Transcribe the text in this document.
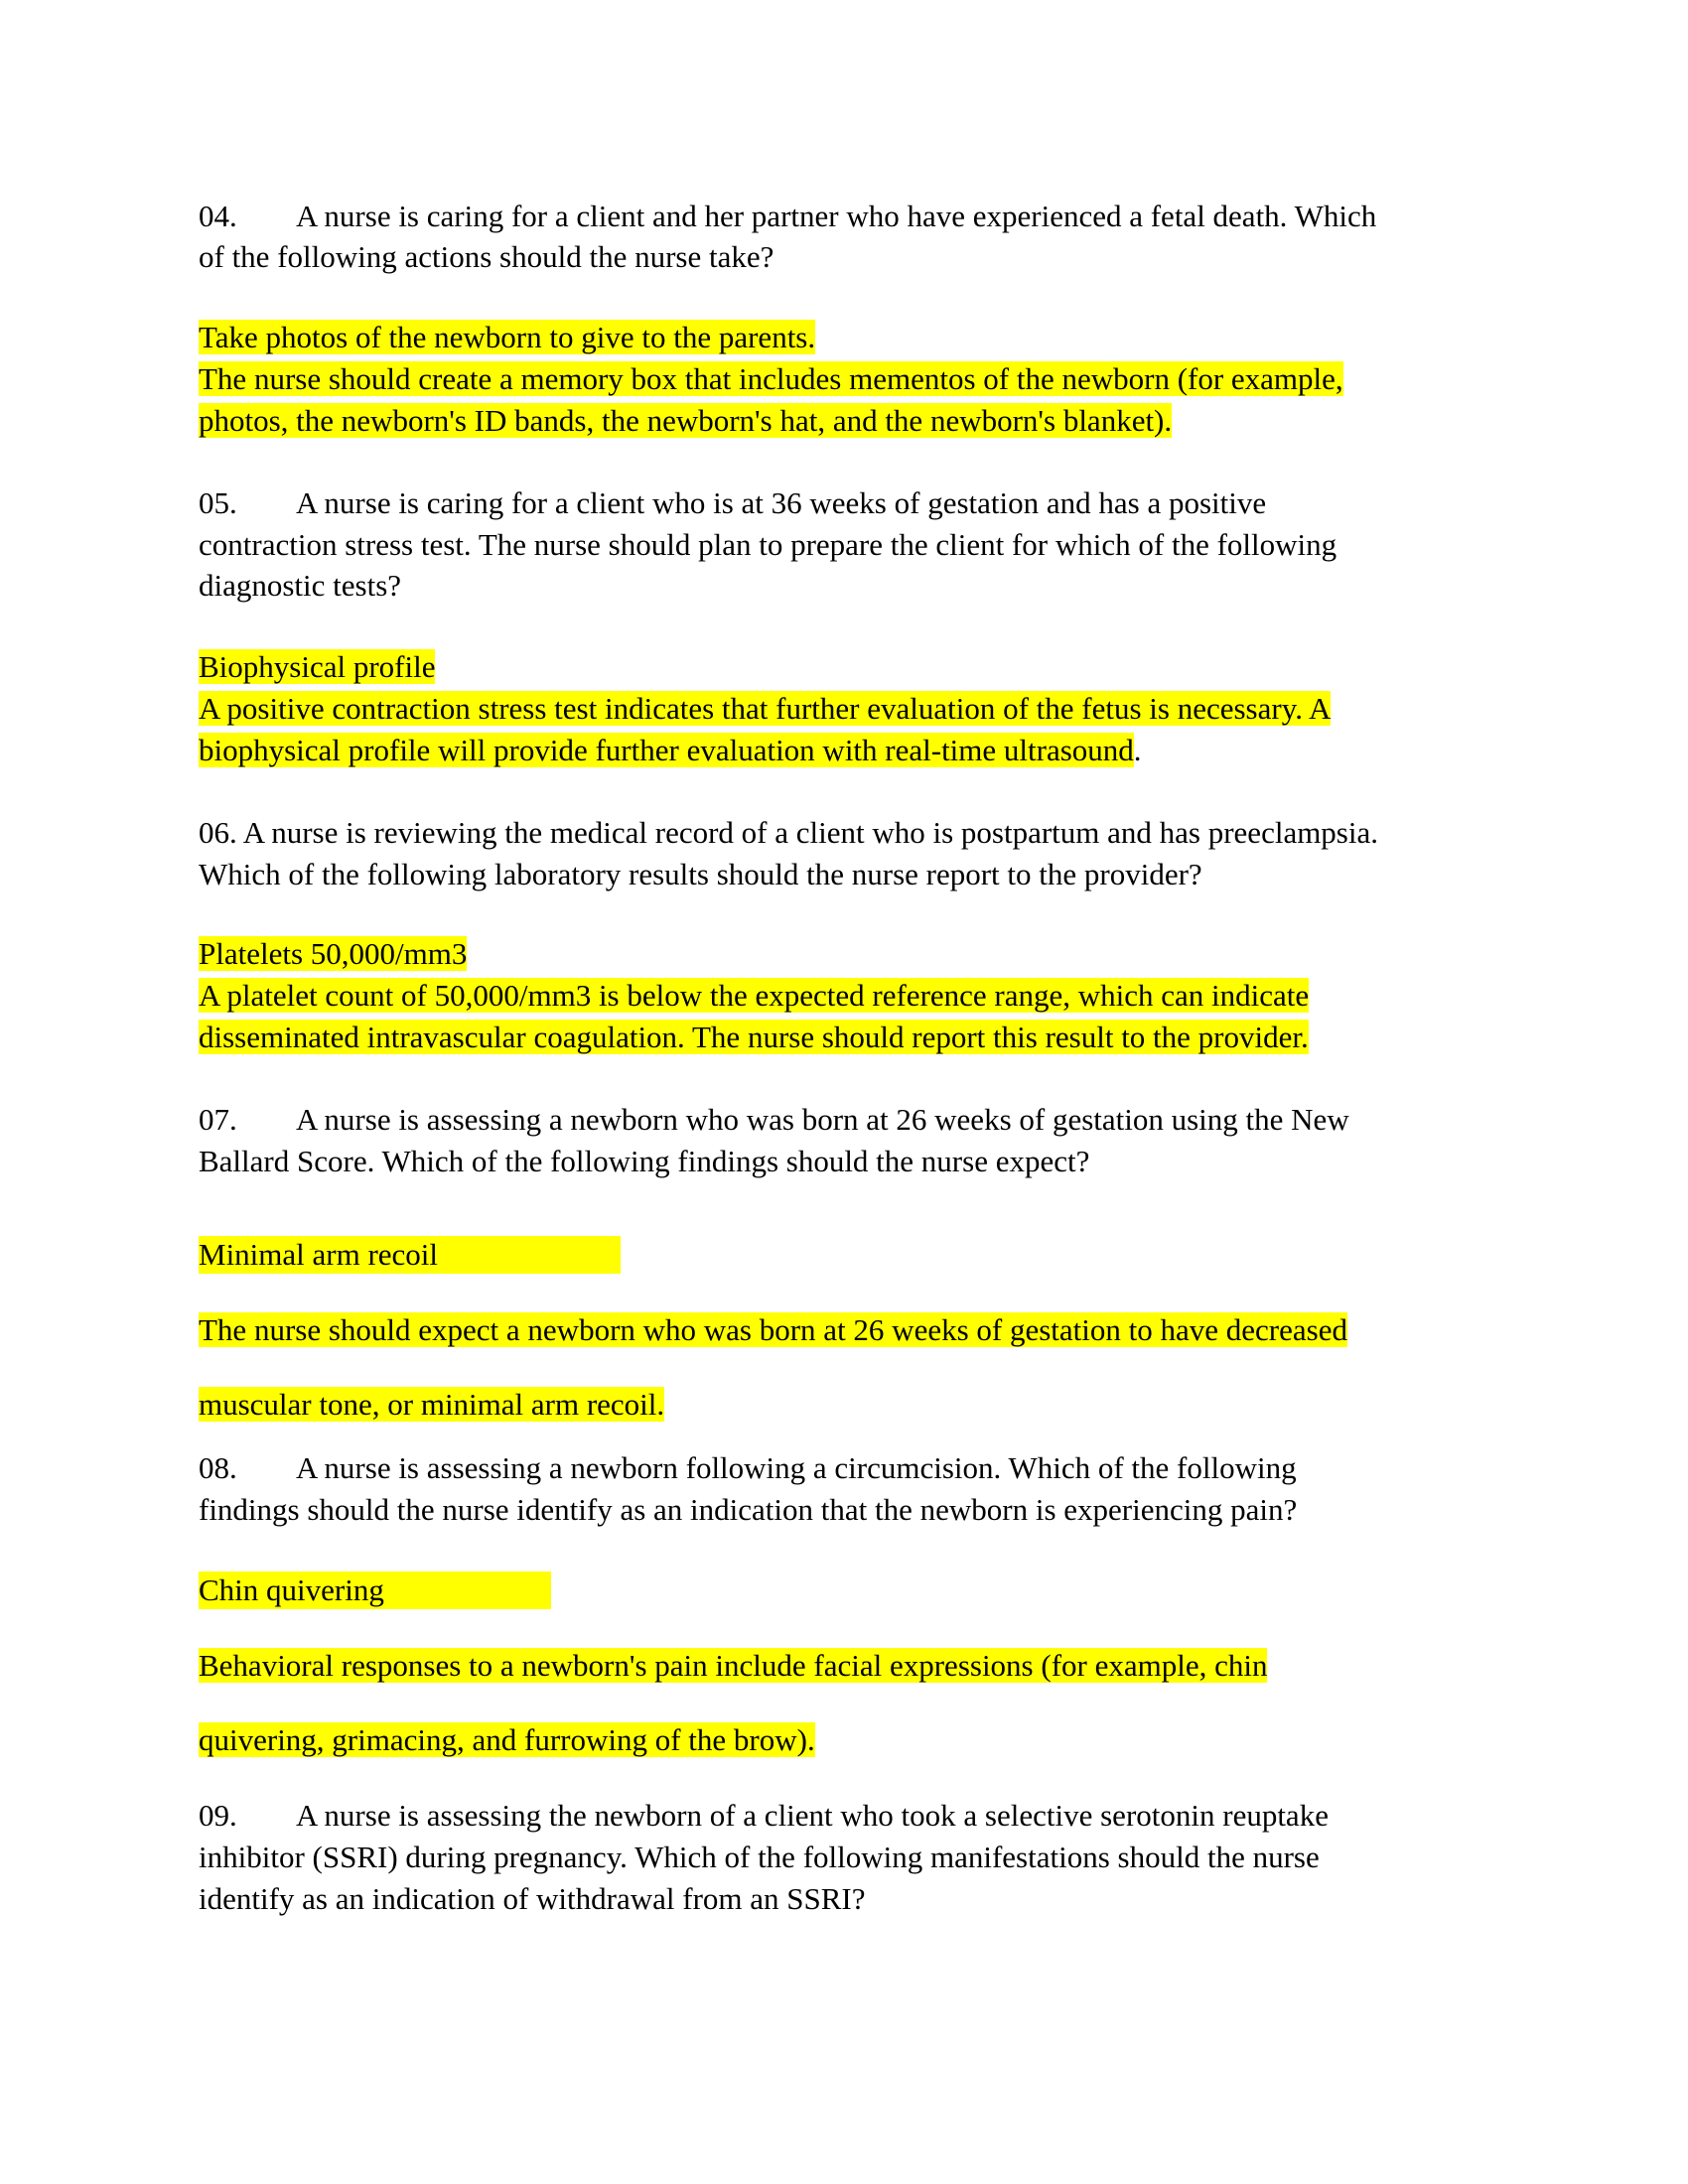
04. A nurse is caring for a client and her partner who have experienced a fetal death. Which
of the following actions should the nurse take?
Take photos of the newborn to give to the parents.
The nurse should create a memory box that includes mementos of the newborn (for example,
photos, the newborn's ID bands, the newborn's hat, and the newborn's blanket).
05. A nurse is caring for a client who is at 36 weeks of gestation and has a positive
contraction stress test. The nurse should plan to prepare the client for which of the following
diagnostic tests?
Biophysical profile
A positive contraction stress test indicates that further evaluation of the fetus is necessary. A
biophysical profile will provide further evaluation with real-time ultrasound.
06. A nurse is reviewing the medical record of a client who is postpartum and has preeclampsia.
Which of the following laboratory results should the nurse report to the provider?
Platelets 50,000/mm3
A platelet count of 50,000/mm3 is below the expected reference range, which can indicate
disseminated intravascular coagulation. The nurse should report this result to the provider.
07. A nurse is assessing a newborn who was born at 26 weeks of gestation using the New
Ballard Score. Which of the following findings should the nurse expect?
Minimal arm recoil
The nurse should expect a newborn who was born at 26 weeks of gestation to have decreased
muscular tone, or minimal arm recoil.
08. A nurse is assessing a newborn following a circumcision. Which of the following
findings should the nurse identify as an indication that the newborn is experiencing pain?
Chin quivering
Behavioral responses to a newborn's pain include facial expressions (for example, chin
quivering, grimacing, and furrowing of the brow).
09. A nurse is assessing the newborn of a client who took a selective serotonin reuptake
inhibitor (SSRI) during pregnancy. Which of the following manifestations should the nurse
identify as an indication of withdrawal from an SSRI?
